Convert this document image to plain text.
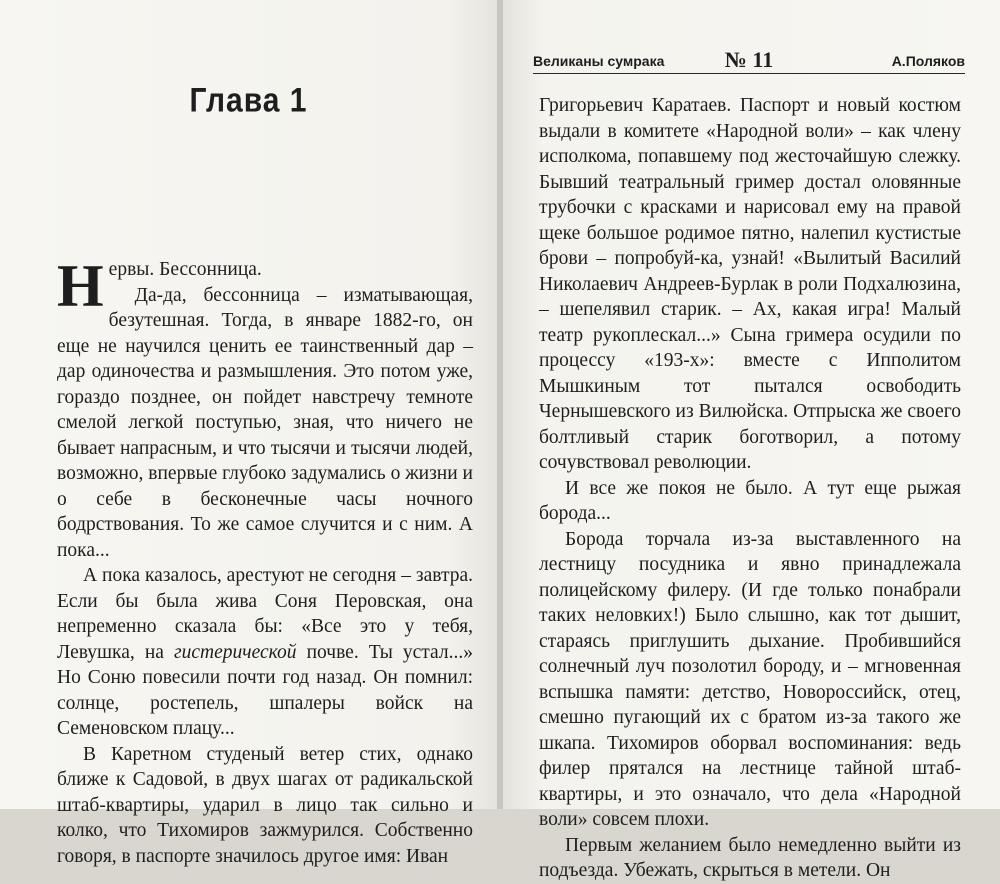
Глава 1

Нервы. Бессонница.

Да-да, бессонница – изматывающая, безутешная. Тогда, в январе 1882-го, он еще не научился ценить ее таинственный дар – дар одиночества и размышления. Это потом уже, гораздо позднее, он пойдет навстречу темноте смелой легкой поступью, зная, что ничего не бывает напрасным, и что тысячи и тысячи людей, возможно, впервые глубоко задумались о жизни и о себе в бесконечные часы ночного бодрствования. То же самое случится и с ним. А пока...

А пока казалось, арестуют не сегодня – завтра. Если бы была жива Соня Перовская, она непременно сказала бы: «Все это у тебя, Левушка, на гистерической почве. Ты устал...» Но Соню повесили почти год назад. Он помнил: солнце, ростепель, шпалеры войск на Семеновском плацу...

В Каретном студеный ветер стих, однако ближе к Садовой, в двух шагах от радикальской штаб-квартиры, ударил в лицо так сильно и колко, что Тихомиров зажмурился. Собственно говоря, в паспорте значилось другое имя: Иван

Великаны сумрака	№ 11	А.Поляков

Григорьевич Каратаев. Паспорт и новый костюм выдали в комитете «Народной воли» – как члену исполкома, попавшему под жесточайшую слежку. Бывший театральный гример достал оловянные трубочки с красками и нарисовал ему на правой щеке большое родимое пятно, налепил кустистые брови – попробуй-ка, узнай! «Вылитый Василий Николаевич Андреев-Бурлак в роли Подхалюзина, – шепелявил старик. – Ах, какая игра! Малый театр рукоплескал...» Сына гримера осудили по процессу «193-х»: вместе с Ипполитом Мышкиным тот пытался освободить Чернышевского из Вилюйска. Отпрыска же своего болтливый старик боготворил, а потому сочувствовал революции.

И все же покоя не было. А тут еще рыжая борода...

Борода торчала из-за выставленного на лестницу посудника и явно принадлежала полицейскому филеру. (И где только понабрали таких неловких!) Было слышно, как тот дышит, стараясь приглушить дыхание. Пробившийся солнечный луч позолотил бороду, и – мгновенная вспышка памяти: детство, Новороссийск, отец, смешно пугающий их с братом из-за такого же шкапа. Тихомиров оборвал воспоминания: ведь филер прятался на лестнице тайной штаб-квартиры, и это означало, что дела «Народной воли» совсем плохи.

Первым желанием было немедленно выйти из подъезда. Убежать, скрыться в метели. Он
